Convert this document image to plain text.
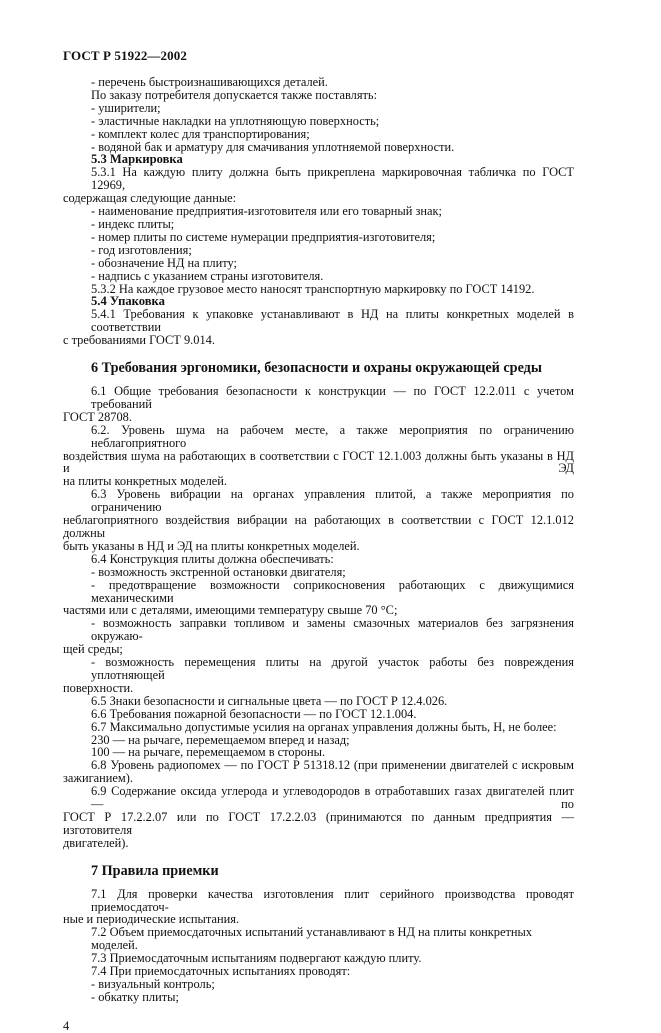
ГОСТ Р 51922—2002
- перечень быстроизнашивающихся деталей.
По заказу потребителя допускается также поставлять:
- уширители;
- эластичные накладки на уплотняющую поверхность;
- комплект колес для транспортирования;
- водяной бак и арматуру для смачивания уплотняемой поверхности.
5.3 Маркировка
5.3.1 На каждую плиту должна быть прикреплена маркировочная табличка по ГОСТ 12969,
содержащая следующие данные:
- наименование предприятия-изготовителя или его товарный знак;
- индекс плиты;
- номер плиты по системе нумерации предприятия-изготовителя;
- год изготовления;
- обозначение НД на плиту;
- надпись с указанием страны изготовителя.
5.3.2 На каждое грузовое место наносят транспортную маркировку по ГОСТ 14192.
5.4 Упаковка
5.4.1 Требования к упаковке устанавливают в НД на плиты конкретных моделей в соответствии
с требованиями ГОСТ 9.014.
6 Требования эргономики, безопасности и охраны окружающей среды
6.1 Общие требования безопасности к конструкции — по ГОСТ 12.2.011 с учетом требований
ГОСТ 28708.
6.2. Уровень шума на рабочем месте, а также мероприятия по ограничению неблагоприятного
воздействия шума на работающих в соответствии с ГОСТ 12.1.003 должны быть указаны в НД и ЭД
на плиты конкретных моделей.
6.3 Уровень вибрации на органах управления плитой, а также мероприятия по ограничению
неблагоприятного воздействия вибрации на работающих в соответствии с ГОСТ 12.1.012 должны
быть указаны в НД и ЭД на плиты конкретных моделей.
6.4 Конструкция плиты должна обеспечивать:
- возможность экстренной остановки двигателя;
- предотвращение возможности соприкосновения работающих с движущимися механическими
частями или с деталями, имеющими температуру свыше 70 °С;
- возможность заправки топливом и замены смазочных материалов без загрязнения окружаю-
щей среды;
- возможность перемещения плиты на другой участок работы без повреждения уплотняющей
поверхности.
6.5 Знаки безопасности и сигнальные цвета — по ГОСТ Р 12.4.026.
6.6 Требования пожарной безопасности — по ГОСТ 12.1.004.
6.7 Максимально допустимые усилия на органах управления должны быть, Н, не более:
230 — на рычаге, перемещаемом вперед и назад;
100 — на рычаге, перемещаемом в стороны.
6.8 Уровень радиопомех — по ГОСТ Р 51318.12 (при применении двигателей с искровым
зажиганием).
6.9 Содержание оксида углерода и углеводородов в отработавших газах двигателей плит — по
ГОСТ Р 17.2.2.07 или по ГОСТ 17.2.2.03 (принимаются по данным предприятия — изготовителя
двигателей).
7 Правила приемки
7.1 Для проверки качества изготовления плит серийного производства проводят приемосдаточ-
ные и периодические испытания.
7.2 Объем приемосдаточных испытаний устанавливают в НД на плиты конкретных моделей.
7.3 Приемосдаточным испытаниям подвергают каждую плиту.
7.4 При приемосдаточных испытаниях проводят:
- визуальный контроль;
- обкатку плиты;
4
